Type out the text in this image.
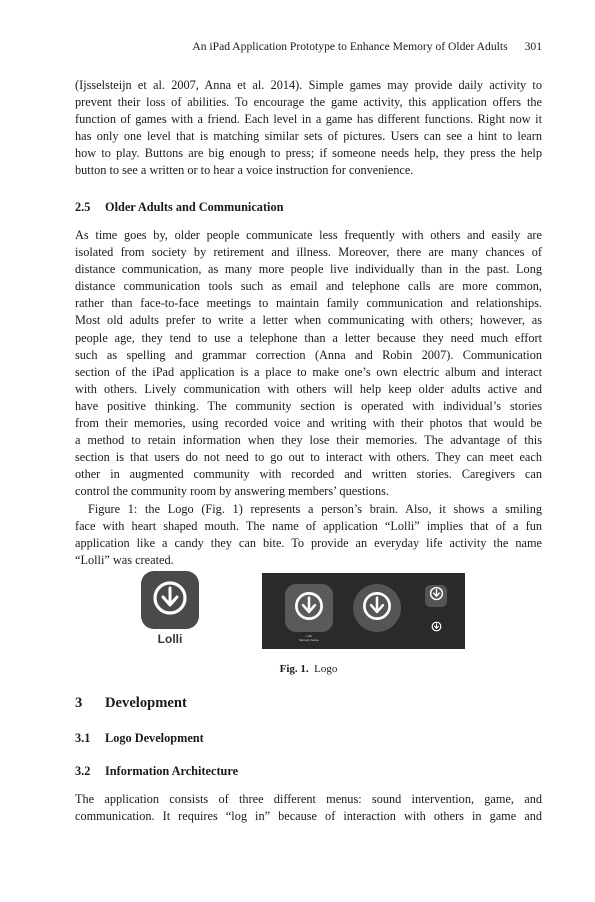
An iPad Application Prototype to Enhance Memory of Older Adults 301
(Ijsselsteijn et al. 2007, Anna et al. 2014). Simple games may provide daily activity to
prevent their loss of abilities. To encourage the game activity, this application offers the
function of games with a friend. Each level in a game has different functions. Right now it
has only one level that is matching similar sets of pictures. Users can see a hint to learn
how to play. Buttons are big enough to press; if someone needs help, they press the help
button to see a written or to hear a voice instruction for convenience.
2.5 Older Adults and Communication
As time goes by, older people communicate less frequently with others and easily are
isolated from society by retirement and illness. Moreover, there are many chances of
distance communication, as many more people live individually than in the past. Long
distance communication tools such as email and telephone calls are more common,
rather than face-to-face meetings to maintain family communication and relationships.
Most old adults prefer to write a letter when communicating with others; however, as
people age, they tend to use a telephone than a letter because they need much effort
such as spelling and grammar correction (Anna and Robin 2007). Communication
section of the iPad application is a place to make one’s own electric album and interact
with others. Lively communication with others will help keep older adults active and
have positive thinking. The community section is operated with individual’s stories
from their memories, using recorded voice and writing with their photos that would be
a method to retain information when they lose their memories. The advantage of this
section is that users do not need to go out to interact with others. They can meet each
other in augmented community with recorded and written stories. Caregivers can
control the community room by answering members’ questions.
Figure 1: the Logo (Fig. 1) represents a person’s brain. Also, it shows a smiling
face with heart shaped mouth. The name of application “Lolli” implies that of a fun
application like a candy they can bite. To provide an everyday life activity the name
“Lolli” was created.
Lolli	Lolli
Memory Game
Fig. 1. Logo
3 Development
3.1 Logo Development
3.2 Information Architecture
The application consists of three different menus: sound intervention, game, and
communication. It requires “log in” because of interaction with others in game and
